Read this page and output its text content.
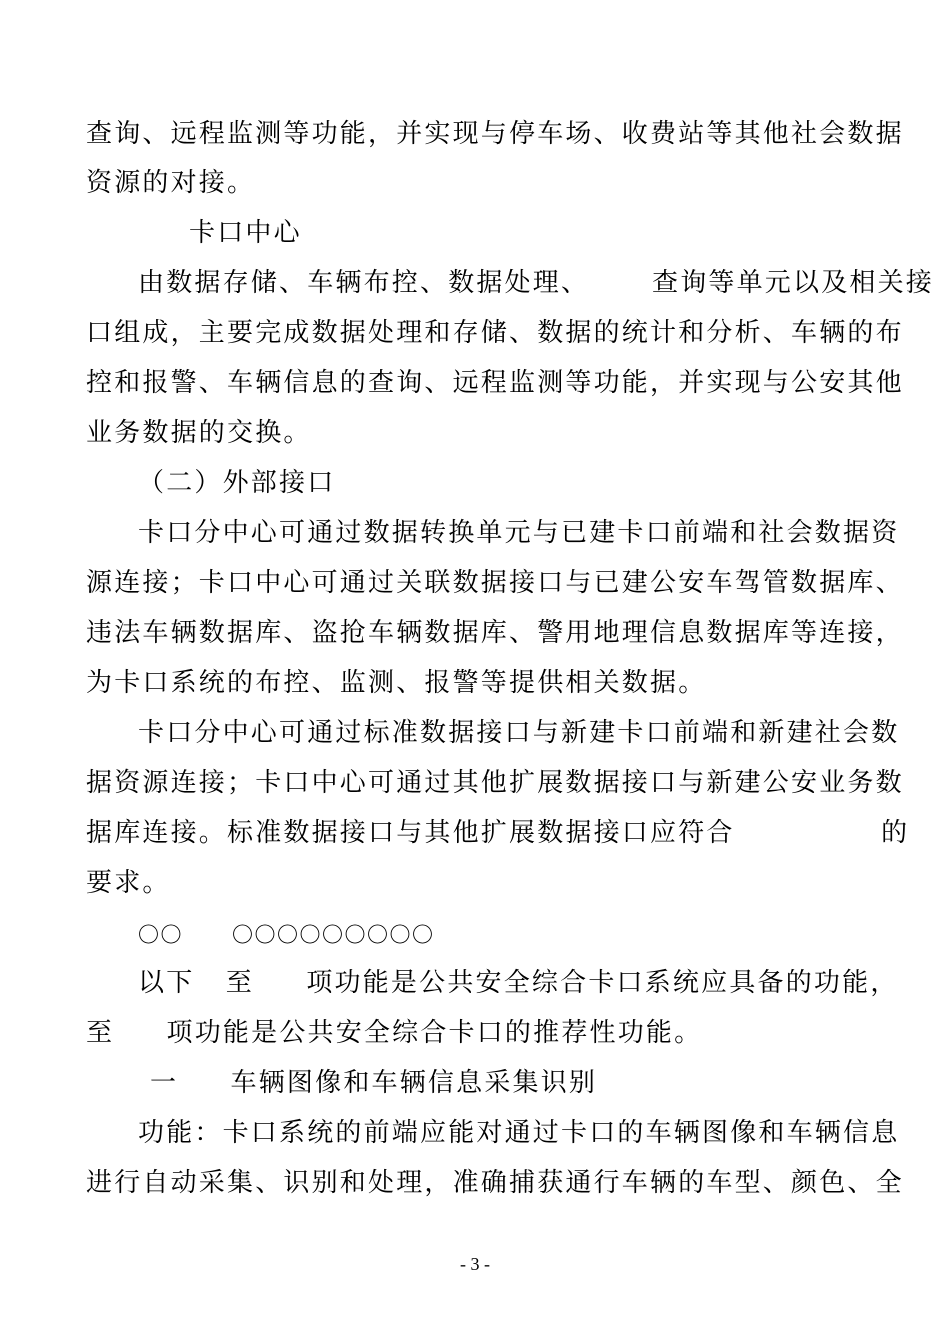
查询、远程监测等功能，并实现与停车场、收费站等其他社会数据

资源的对接。

卡口中心

由数据存储、车辆布控、数据处理、      查询等单元以及相关接

口组成，主要完成数据处理和存储、数据的统计和分析、车辆的布

控和报警、车辆信息的查询、远程监测等功能，并实现与公安其他

业务数据的交换。

（二）外部接口

卡口分中心可通过数据转换单元与已建卡口前端和社会数据资

源连接；卡口中心可通过关联数据接口与已建公安车驾管数据库、

违法车辆数据库、盗抢车辆数据库、警用地理信息数据库等连接，

为卡口系统的布控、监测、报警等提供相关数据。

卡口分中心可通过标准数据接口与新建卡口前端和新建社会数

据资源连接；卡口中心可通过其他扩展数据接口与新建公安业务数

据库连接。标准数据接口与其他扩展数据接口应符合              的

要求。

〇〇      〇〇〇〇〇〇〇〇〇

以下   至     项功能是公共安全综合卡口系统应具备的功能，

至     项功能是公共安全综合卡口的推荐性功能。

一     车辆图像和车辆信息采集识别

功能：卡口系统的前端应能对通过卡口的车辆图像和车辆信息

进行自动采集、识别和处理，准确捕获通行车辆的车型、颜色、全

- 3 -
